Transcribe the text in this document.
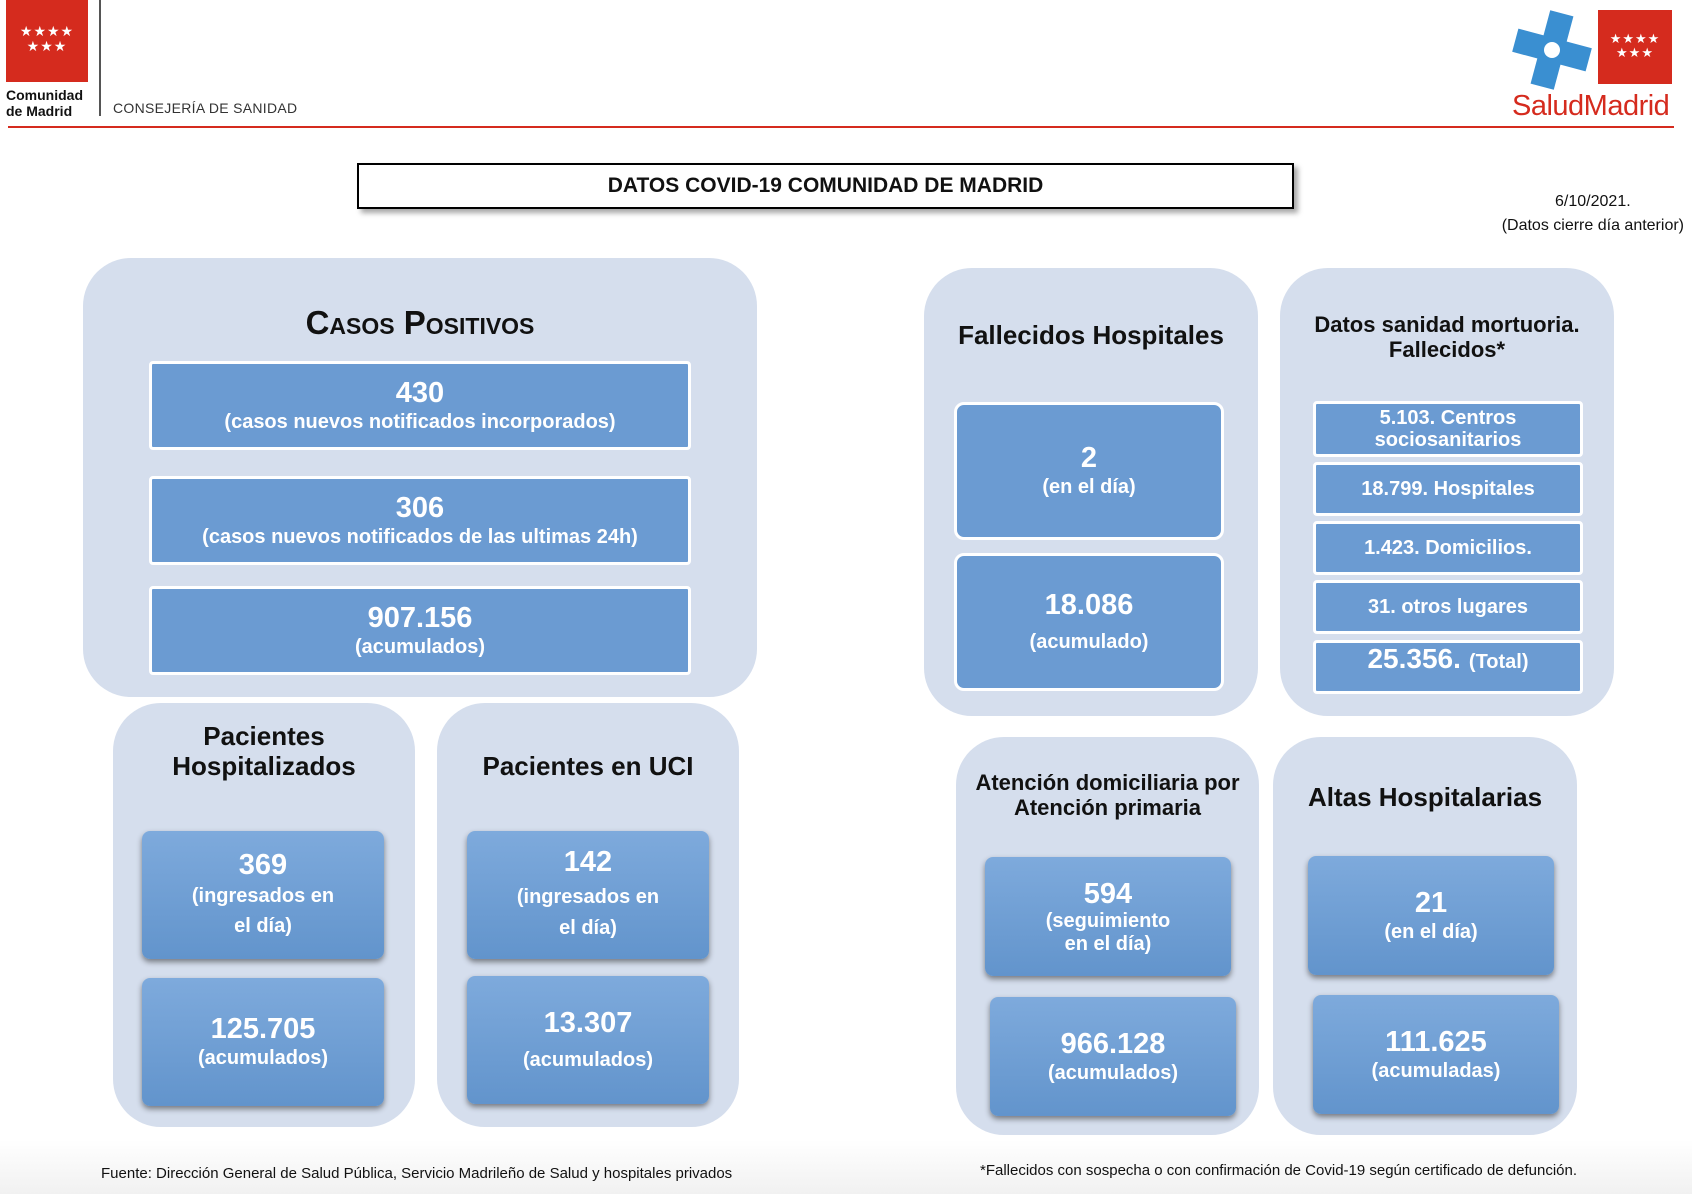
★★★★
★★★
Comunidad
de Madrid	CONSEJERÍA DE SANIDAD
★★★★
★★★
SaludMadrid
DATOS COVID-19 COMUNIDAD DE MADRID
6/10/2021.
(Datos cierre día anterior)
Casos Positivos
430
(casos nuevos notificados incorporados)
306
(casos nuevos notificados de las ultimas 24h)
907.156
(acumulados)
Pacientes
Hospitalizados
369
(ingresados en
el día)
125.705
(acumulados)
Pacientes en UCI
142
(ingresados en
el día)
13.307
(acumulados)
Fallecidos Hospitales
2
(en el día)
18.086
(acumulado)
Datos sanidad mortuoria.
Fallecidos*
5.103. Centros
sociosanitarios
18.799. Hospitales
1.423. Domicilios.
31. otros lugares
25.356. (Total)
Atención domiciliaria por
Atención primaria
594
(seguimiento
en el día)
966.128
(acumulados)
Altas Hospitalarias
21
(en el día)
111.625
(acumuladas)
Fuente: Dirección General de Salud Pública, Servicio Madrileño de Salud y hospitales privados	*Fallecidos con sospecha o con confirmación de Covid-19 según certificado de defunción.
